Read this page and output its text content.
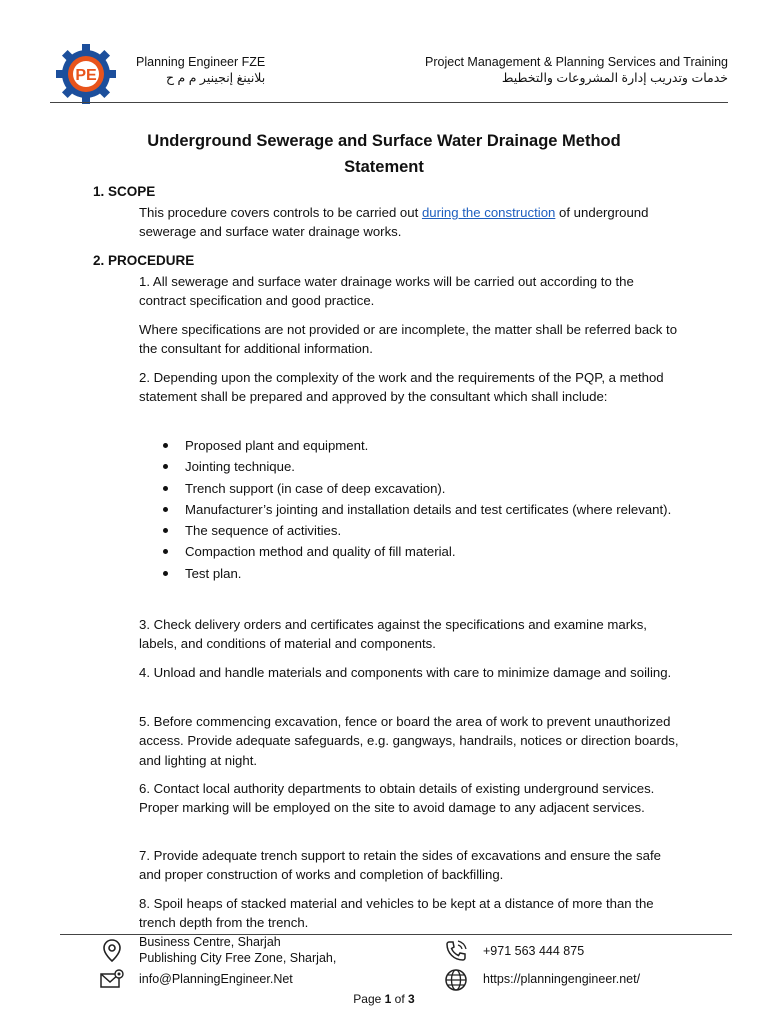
PE
Planning Engineer FZE
بلانينغ إنجينير م م ح
Project Management & Planning Services and Training
خدمات وتدريب إدارة المشروعات والتخطيط
Underground Sewerage and Surface Water Drainage Method
Statement
1. SCOPE
This procedure covers controls to be carried out during the construction of underground sewerage and surface water drainage works.
2. PROCEDURE
1. All sewerage and surface water drainage works will be carried out according to the contract specification and good practice.
Where specifications are not provided or are incomplete, the matter shall be referred back to the consultant for additional information.
2. Depending upon the complexity of the work and the requirements of the PQP, a method statement shall be prepared and approved by the consultant which shall include:
Proposed plant and equipment.
Jointing technique.
Trench support (in case of deep excavation).
Manufacturer’s jointing and installation details and test certificates (where relevant).
The sequence of activities.
Compaction method and quality of fill material.
Test plan.
3. Check delivery orders and certificates against the specifications and examine marks, labels, and conditions of material and components.
4. Unload and handle materials and components with care to minimize damage and soiling.
5. Before commencing excavation, fence or board the area of work to prevent unauthorized access. Provide adequate safeguards, e.g. gangways, handrails, notices or direction boards, and lighting at night.
6. Contact local authority departments to obtain details of existing underground services. Proper marking will be employed on the site to avoid damage to any adjacent services.
7. Provide adequate trench support to retain the sides of excavations and ensure the safe and proper construction of works and completion of backfilling.
8. Spoil heaps of stacked material and vehicles to be kept at a distance of more than the trench depth from the trench.
Business Centre, Sharjah
Publishing City Free Zone, Sharjah,
info@PlanningEngineer.Net
+971 563 444 875
https://planningengineer.net/
Page 1 of 3
